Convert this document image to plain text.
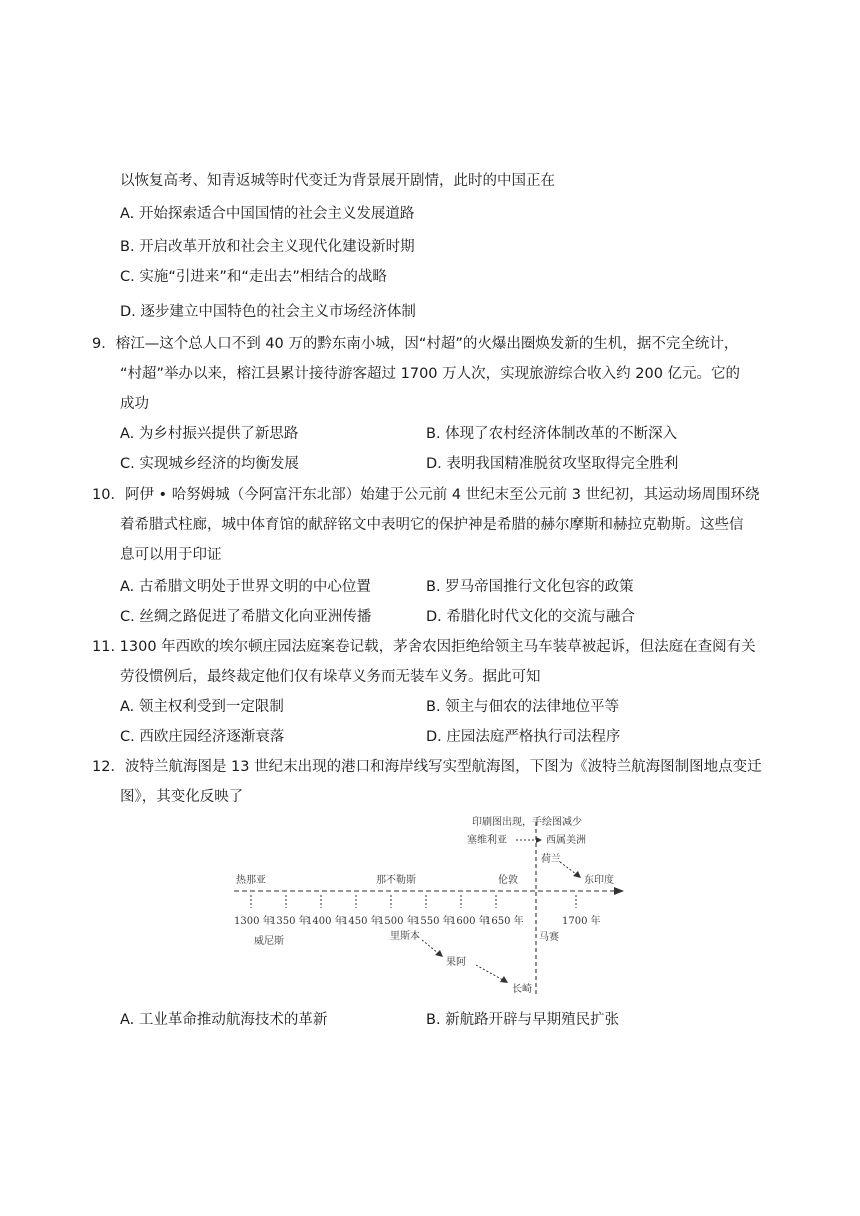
以恢复高考、知青返城等时代变迁为背景展开剧情，此时的中国正在
A. 开始探索适合中国国情的社会主义发展道路
B. 开启改革开放和社会主义现代化建设新时期
C. 实施“引进来”和“走出去”相结合的战略
D. 逐步建立中国特色的社会主义市场经济体制
9．榕江—这个总人口不到 40 万的黔东南小城，因“村超”的火爆出圈焕发新的生机，据不完全统计，
“村超”举办以来，榕江县累计接待游客超过 1700 万人次，实现旅游综合收入约 200 亿元。它的
成功
A. 为乡村振兴提供了新思路	B. 体现了农村经济体制改革的不断深入
C. 实现城乡经济的均衡发展	D. 表明我国精准脱贫攻坚取得完全胜利
10．阿伊 • 哈努姆城（今阿富汗东北部）始建于公元前 4 世纪末至公元前 3 世纪初，其运动场周围环绕
着希腊式柱廊，城中体育馆的献辞铭文中表明它的保护神是希腊的赫尔摩斯和赫拉克勒斯。这些信
息可以用于印证
A. 古希腊文明处于世界文明的中心位置	B. 罗马帝国推行文化包容的政策
C. 丝绸之路促进了希腊文化向亚洲传播	D. 希腊化时代文化的交流与融合
11. 1300 年西欧的埃尔顿庄园法庭案卷记载，茅舍农因拒绝给领主马车装草被起诉，但法庭在查阅有关
劳役惯例后，最终裁定他们仅有垛草义务而无装车义务。据此可知
A. 领主权利受到一定限制	B. 领主与佃农的法律地位平等
C. 西欧庄园经济逐渐衰落	D. 庄园法庭严格执行司法程序
12．波特兰航海图是 13 世纪末出现的港口和海岸线写实型航海图，下图为《波特兰航海图制图地点变迁
图》，其变化反映了
印刷图出现，手绘图减少
塞维利亚	西属美洲
荷兰
东印度
热那亚	那不勒斯	伦敦
1300 年
1350 年
1400 年
1450 年
1500 年
1550 年
1600 年
1650 年	1700 年
威尼斯	马赛
里斯本
果阿
长崎
A. 工业革命推动航海技术的革新	B. 新航路开辟与早期殖民扩张
